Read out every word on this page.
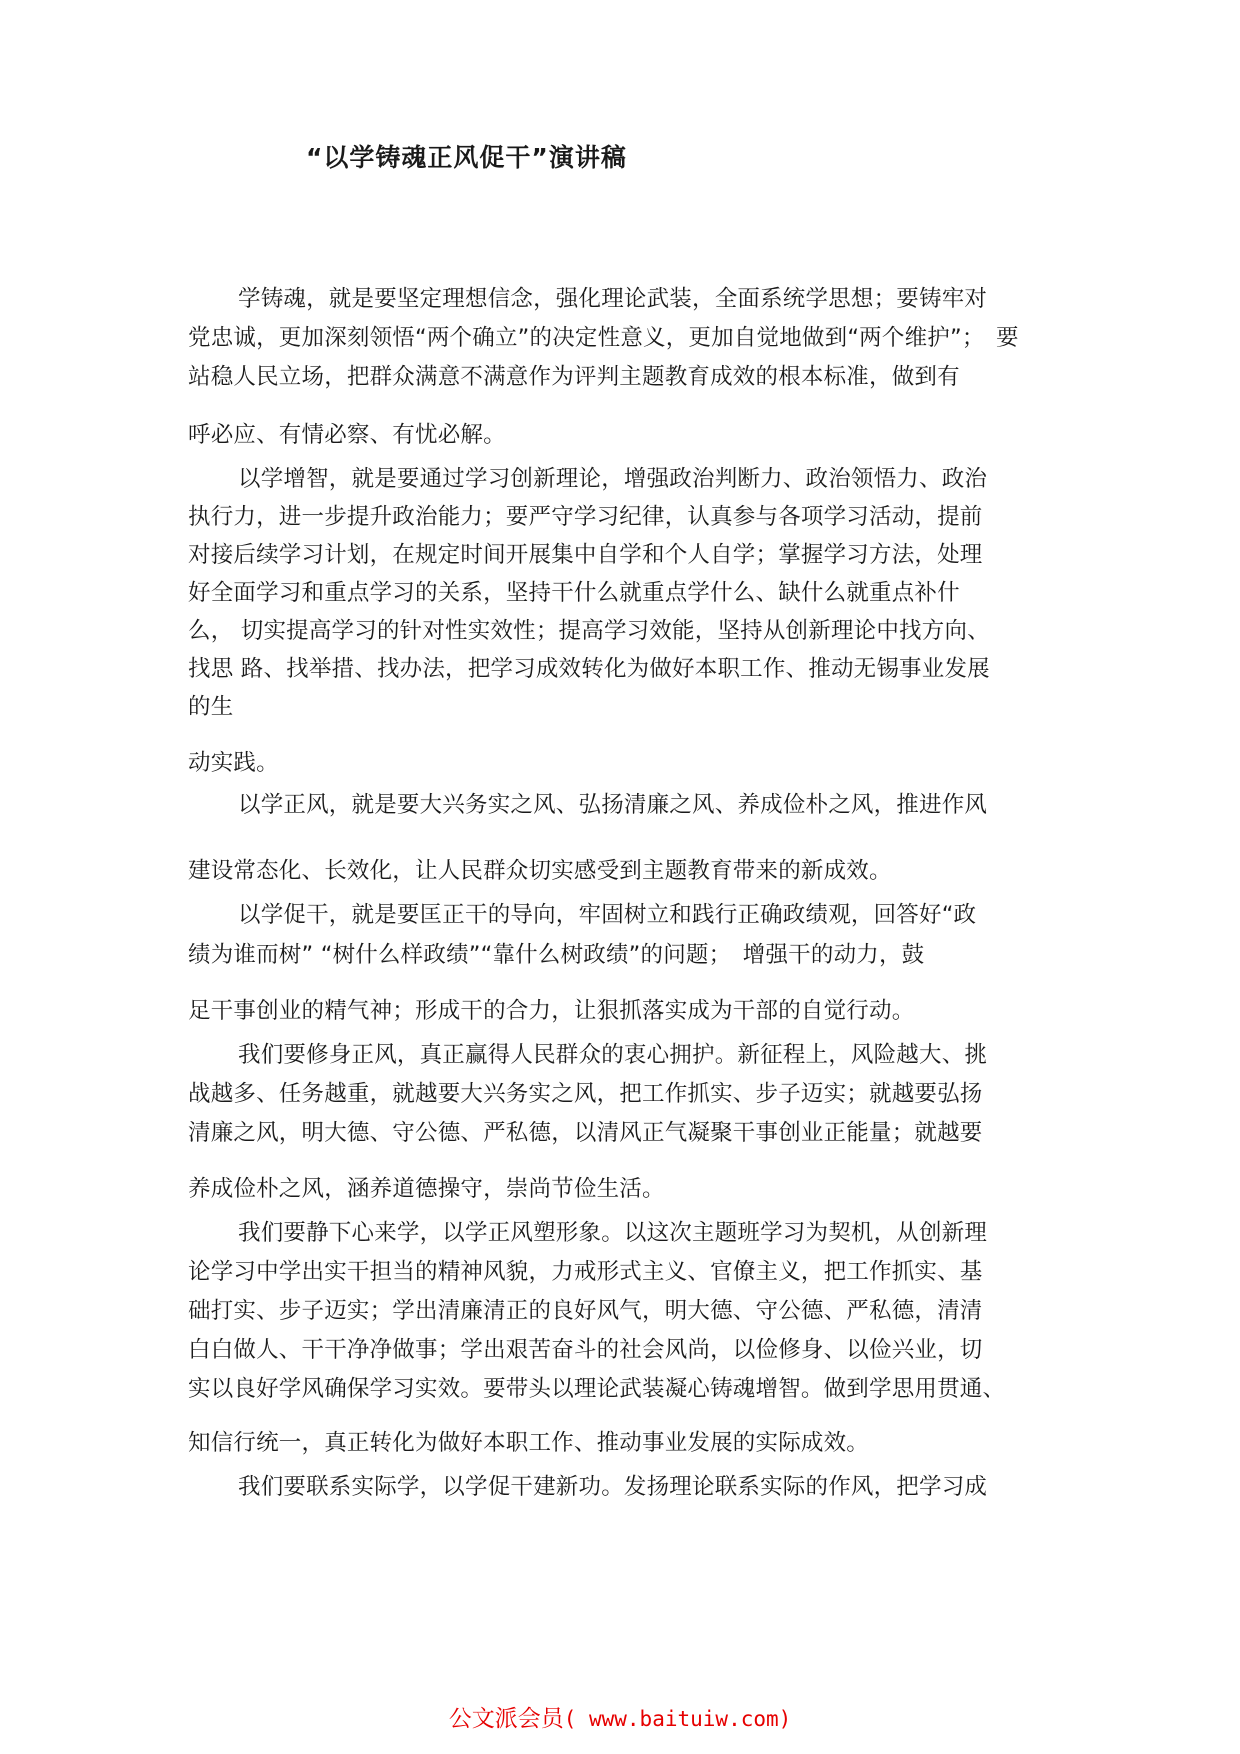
“以学铸魂正风促干”演讲稿
学铸魂，就是要坚定理想信念，强化理论武装，全面系统学思想；要铸牢对
党忠诚，更加深刻领悟“两个确立”的决定性意义，更加自觉地做到“两个维护”；　要
站稳人民立场，把群众满意不满意作为评判主题教育成效的根本标准，做到有
呼必应、有情必察、有忧必解。
以学增智，就是要通过学习创新理论，增强政治判断力、政治领悟力、政治
执行力，进一步提升政治能力；要严守学习纪律，认真参与各项学习活动，提前
对接后续学习计划，在规定时间开展集中自学和个人自学；掌握学习方法，处理
好全面学习和重点学习的关系，坚持干什么就重点学什么、缺什么就重点补什
么， 切实提高学习的针对性实效性；提高学习效能，坚持从创新理论中找方向、
找思 路、找举措、找办法，把学习成效转化为做好本职工作、推动无锡事业发展
的生
动实践。
以学正风，就是要大兴务实之风、弘扬清廉之风、养成俭朴之风，推进作风
建设常态化、长效化，让人民群众切实感受到主题教育带来的新成效。
以学促干，就是要匡正干的导向，牢固树立和践行正确政绩观，回答好“政
绩为谁而树” “树什么样政绩”“靠什么树政绩”的问题；　增强干的动力，鼓
足干事创业的精气神；形成干的合力，让狠抓落实成为干部的自觉行动。
我们要修身正风，真正赢得人民群众的衷心拥护。新征程上，风险越大、挑
战越多、任务越重，就越要大兴务实之风，把工作抓实、步子迈实；就越要弘扬
清廉之风，明大德、守公德、严私德，以清风正气凝聚干事创业正能量；就越要
养成俭朴之风，涵养道德操守，崇尚节俭生活。
我们要静下心来学，以学正风塑形象。以这次主题班学习为契机，从创新理
论学习中学出实干担当的精神风貌，力戒形式主义、官僚主义，把工作抓实、基
础打实、步子迈实；学出清廉清正的良好风气，明大德、守公德、严私德，清清
白白做人、干干净净做事；学出艰苦奋斗的社会风尚，以俭修身、以俭兴业，切
实以良好学风确保学习实效。要带头以理论武装凝心铸魂增智。做到学思用贯通、
知信行统一，真正转化为做好本职工作、推动事业发展的实际成效。
我们要联系实际学，以学促干建新功。发扬理论联系实际的作风，把学习成
公文派会员( www.baituiw.com)
